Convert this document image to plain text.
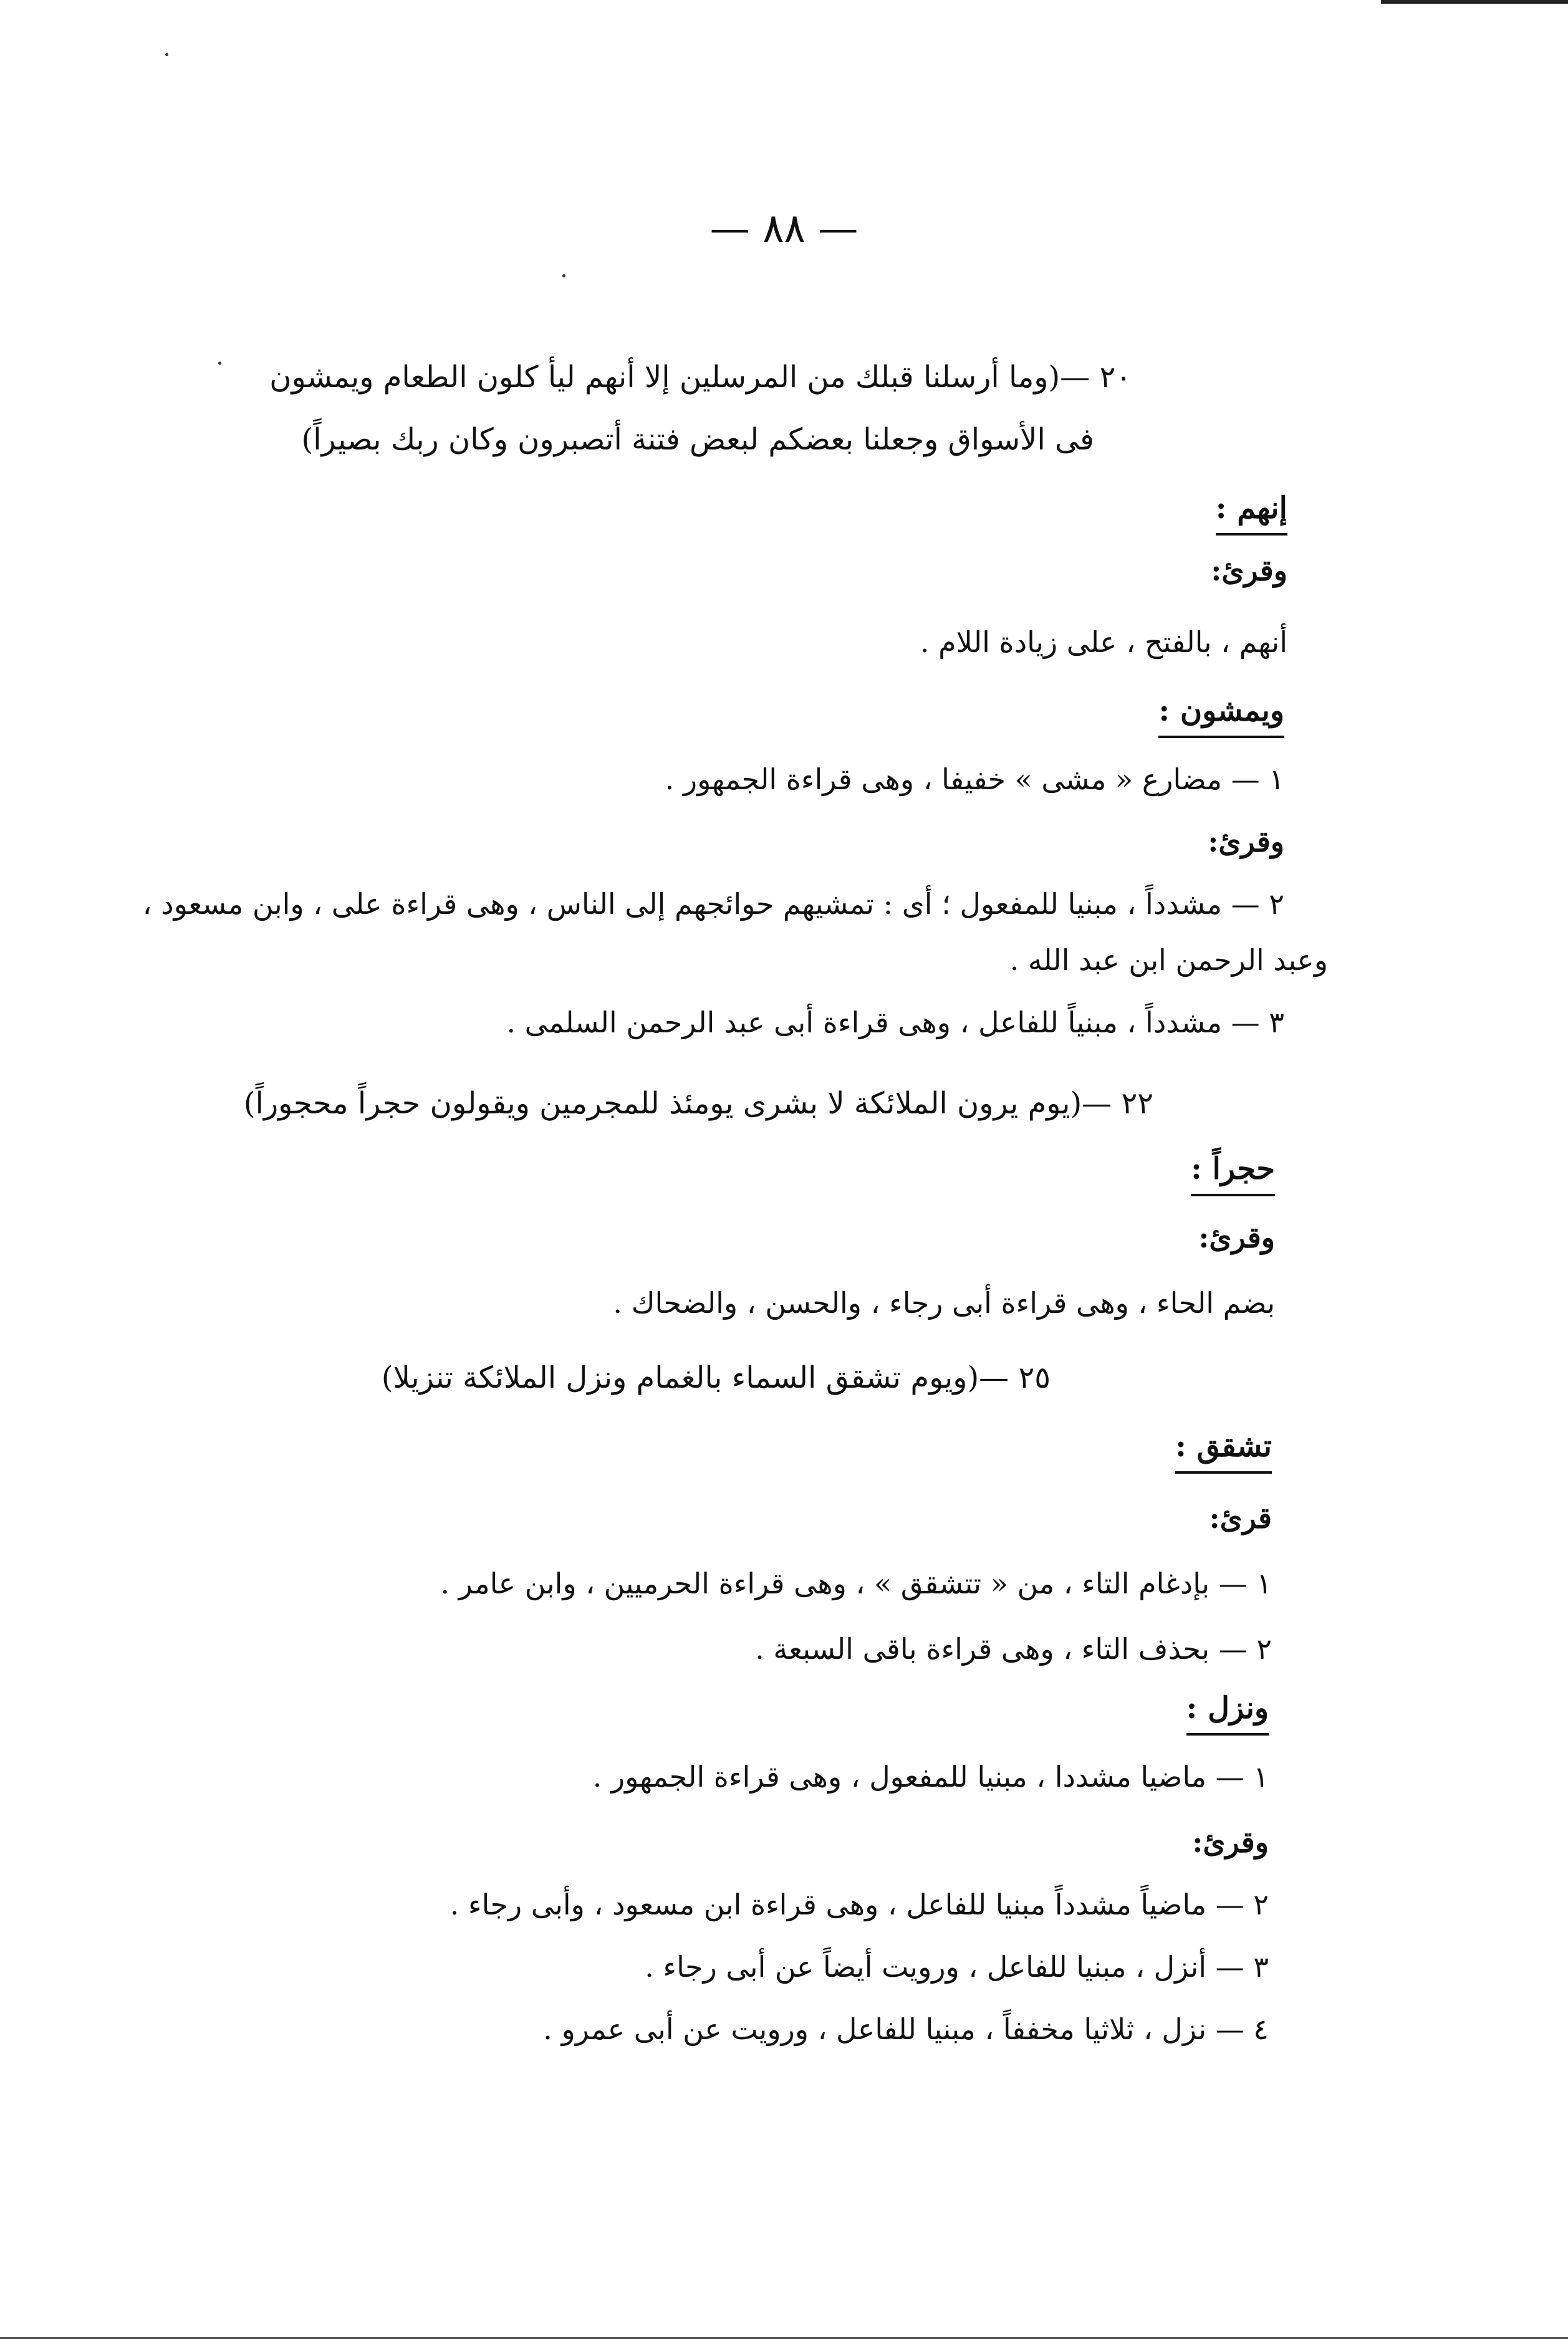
— ٨٨ —
٢٠ —(وما أرسلنا قبلك من المرسلين إلا أنهم ليأ كلون الطعام ويمشون
فى الأسواق وجعلنا بعضكم لبعض فتنة أتصبرون وكان ربك بصيراً)
إنهم :
وقرئ:
أنهم ، بالفتح ، على زيادة اللام .
ويمشون :
١ — مضارع « مشى » خفيفا ، وهى قراءة الجمهور .
وقرئ:
٢ — مشدداً ، مبنيا للمفعول ؛ أى : تمشيهم حوائجهم إلى الناس ، وهى قراءة على ، وابن مسعود ،
وعبد الرحمن ابن عبد الله .
٣ — مشدداً ، مبنياً للفاعل ، وهى قراءة أبى عبد الرحمن السلمى .
٢٢ —(يوم يرون الملائكة لا بشرى يومئذ للمجرمين ويقولون حجراً محجوراً)
حجراً :
وقرئ:
بضم الحاء ، وهى قراءة أبى رجاء ، والحسن ، والضحاك .
٢٥ —(ويوم تشقق السماء بالغمام ونزل الملائكة تنزيلا)
تشقق :
قرئ:
١ — بإدغام التاء ، من « تتشقق » ، وهى قراءة الحرميين ، وابن عامر .
٢ — بحذف التاء ، وهى قراءة باقى السبعة .
ونزل :
١ — ماضيا مشددا ، مبنيا للمفعول ، وهى قراءة الجمهور .
وقرئ:
٢ — ماضياً مشدداً مبنيا للفاعل ، وهى قراءة ابن مسعود ، وأبى رجاء .
٣ — أنزل ، مبنيا للفاعل ، ورويت أيضاً عن أبى رجاء .
٤ — نزل ، ثلاثيا مخففاً ، مبنيا للفاعل ، ورويت عن أبى عمرو .
